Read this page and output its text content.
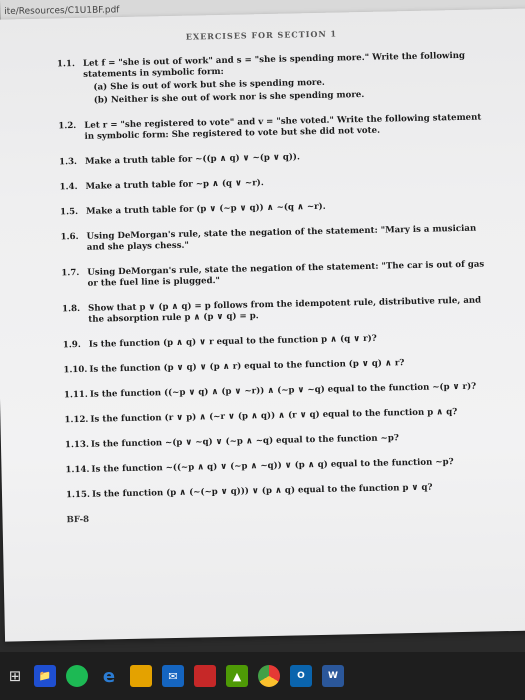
ite/Resources/C1U1BF.pdf
EXERCISES FOR SECTION 1
1.1. Let f = "she is out of work" and s = "she is spending more." Write the following statements in symbolic form:
(a) She is out of work but she is spending more.
(b) Neither is she out of work nor is she spending more.
1.2. Let r = "she registered to vote" and v = "she voted." Write the following statement in symbolic form: She registered to vote but she did not vote.
1.3. Make a truth table for ~((p ∧ q) ∨ ~(p ∨ q)).
1.4. Make a truth table for ~p ∧ (q ∨ ~r).
1.5. Make a truth table for (p ∨ (~p ∨ q)) ∧ ~(q ∧ ~r).
1.6. Using DeMorgan's rule, state the negation of the statement: "Mary is a musician and she plays chess."
1.7. Using DeMorgan's rule, state the negation of the statement: "The car is out of gas or the fuel line is plugged."
1.8. Show that p ∨ (p ∧ q) = p follows from the idempotent rule, distributive rule, and the absorption rule p ∧ (p ∨ q) = p.
1.9. Is the function (p ∧ q) ∨ r equal to the function p ∧ (q ∨ r)?
1.10. Is the function (p ∨ q) ∨ (p ∧ r) equal to the function (p ∨ q) ∧ r?
1.11. Is the function ((~p ∨ q) ∧ (p ∨ ~r)) ∧ (~p ∨ ~q) equal to the function ~(p ∨ r)?
1.12. Is the function (r ∨ p) ∧ (~r ∨ (p ∧ q)) ∧ (r ∨ q) equal to the function p ∧ q?
1.13. Is the function ~(p ∨ ~q) ∨ (~p ∧ ~q) equal to the function ~p?
1.14. Is the function ~((~p ∧ q) ∨ (~p ∧ ~q)) ∨ (p ∧ q) equal to the function ~p?
1.15. Is the function (p ∧ (~(~p ∨ q))) ∨ (p ∧ q) equal to the function p ∨ q?
BF-8
⊞
📁	e	✉	▲	O	W
